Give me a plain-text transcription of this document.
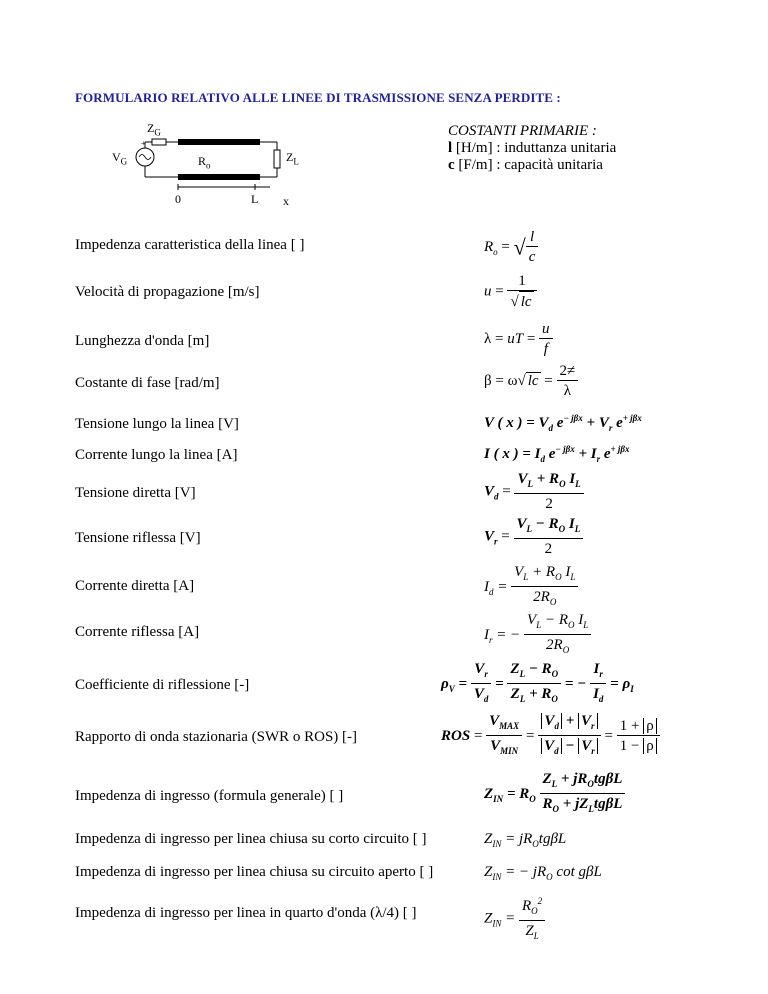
FORMULARIO RELATIVO ALLE LINEE DI TRASMISSIONE SENZA PERDITE :
$Z_G$
+
$V_G$	$R_o$
$Z_L$
0	L x
COSTANTI PRIMARIE :
l [H/m] : induttanza unitaria
c [F/m] : capacità unitaria
Impedenza caratteristica della linea [ ]
Velocità di propagazione [m/s]
Lunghezza d'onda [m]
Costante di fase [rad/m]
Tensione lungo la linea [V]
Corrente lungo la linea [A]
Tensione diretta [V]
Tensione riflessa [V]
Corrente diretta [A]
Corrente riflessa [A]
Coefficiente di riflessione [-]
Rapporto di onda stazionaria (SWR o ROS) [-]
Impedenza di ingresso (formula generale) [ ]
Impedenza di ingresso per linea chiusa su corto circuito [ ]
Impedenza di ingresso per linea chiusa su circuito aperto [ ]
Impedenza di ingresso per linea in quarto d'onda (λ/4) [ ]
$R_o$ = √ $\frac{l}{c}$
$u = \frac{1}{√ lc}$
λ = uT = $\frac{u}{f}$
β = ω√ lc = $\frac{2\ne}{\lambda}$
V ( x ) = $V_d$ $e^{- j\beta x} + V_r$ $e^{+ j\beta x}$
I ( x ) = $I_d$ $e^{- j\beta x} + I_r$ $e^{+ j\beta x}$
$V_d = \frac{V_L + R_O I_L}{2}$
$V_r = \frac{V_L - R_O I_L}{2}$
$I_d = \frac{V_L + R_O I_L}{2R_O}$
$I_r$ = − $\frac{V_L - R_O I_L}{2R_O}$
$\rho_V = \frac{V_r}{V_d} = \frac{Z_L - R_O}{Z_L + R_O}$ = − $\frac{I_r}{I_d} = \rho_I$
ROS = $\frac{V_{MAX}}{V_{MIN}} = \frac{V_d + V_r}{V_d - V_r} = \frac{1 + \rho}{1 - \rho}$
$Z_{IN} = R_O \frac{Z_L + jR_Otg\beta L}{R_O + jZ_Ltg\beta L}$
$Z_{IN} = jR_Otg\beta L$
$Z_{IN}$ = − $jR_O$ cot gβL
$Z_{IN} = \frac{R_O^2}{Z_L}$
